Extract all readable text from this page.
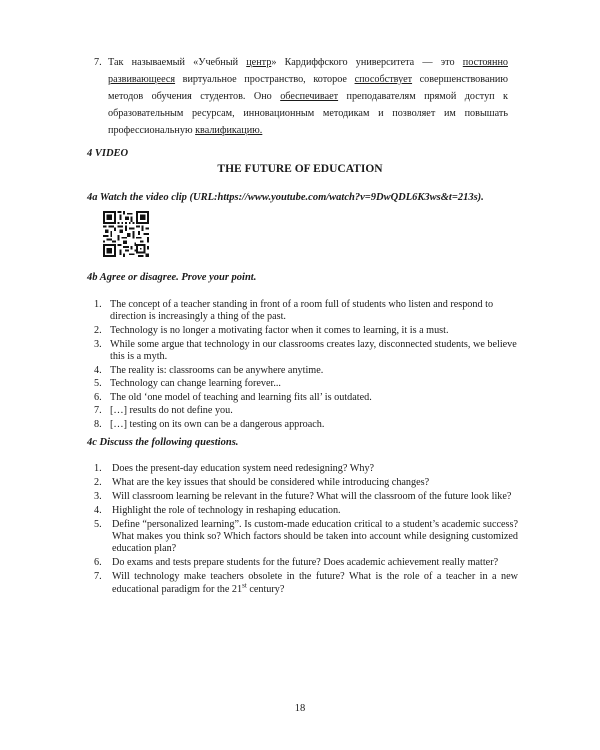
7. Так называемый «Учебный центр» Кардиффского университета — это постоянно развивающееся виртуальное пространство, которое способствует совершенствованию методов обучения студентов. Оно обеспечивает преподавателям прямой доступ к образовательным ресурсам, инновационным методикам и позволяет им повышать профессиональную квалификацию.

4 VIDEO
THE FUTURE OF EDUCATION
4a Watch the video clip (URL:https://www.youtube.com/watch?v=9DwQDL6K3ws&t=213s).
4b Agree or disagree. Prove your point.
1. The concept of a teacher standing in front of a room full of students who listen and respond to direction is increasingly a thing of the past.
2. Technology is no longer a motivating factor when it comes to learning, it is a must.
3. While some argue that technology in our classrooms creates lazy, disconnected students, we believe this is a myth.
4. The reality is: classrooms can be anywhere anytime.
5. Technology can change learning forever...
6. The old ‘one model of teaching and learning fits all’ is outdated.
7. […] results do not define you.
8. […] testing on its own can be a dangerous approach.
4c Discuss the following questions.
1. Does the present-day education system need redesigning? Why?
2. What are the key issues that should be considered while introducing changes?
3. Will classroom learning be relevant in the future? What will the classroom of the future look like?
4. Highlight the role of technology in reshaping education.
5. Define “personalized learning”. Is custom-made education critical to a student’s academic success? What makes you think so? Which factors should be taken into account while designing customized education plan?
6. Do exams and tests prepare students for the future? Does academic achievement really matter?
7. Will technology make teachers obsolete in the future? What is the role of a teacher in a new educational paradigm for the 21st century?
18
